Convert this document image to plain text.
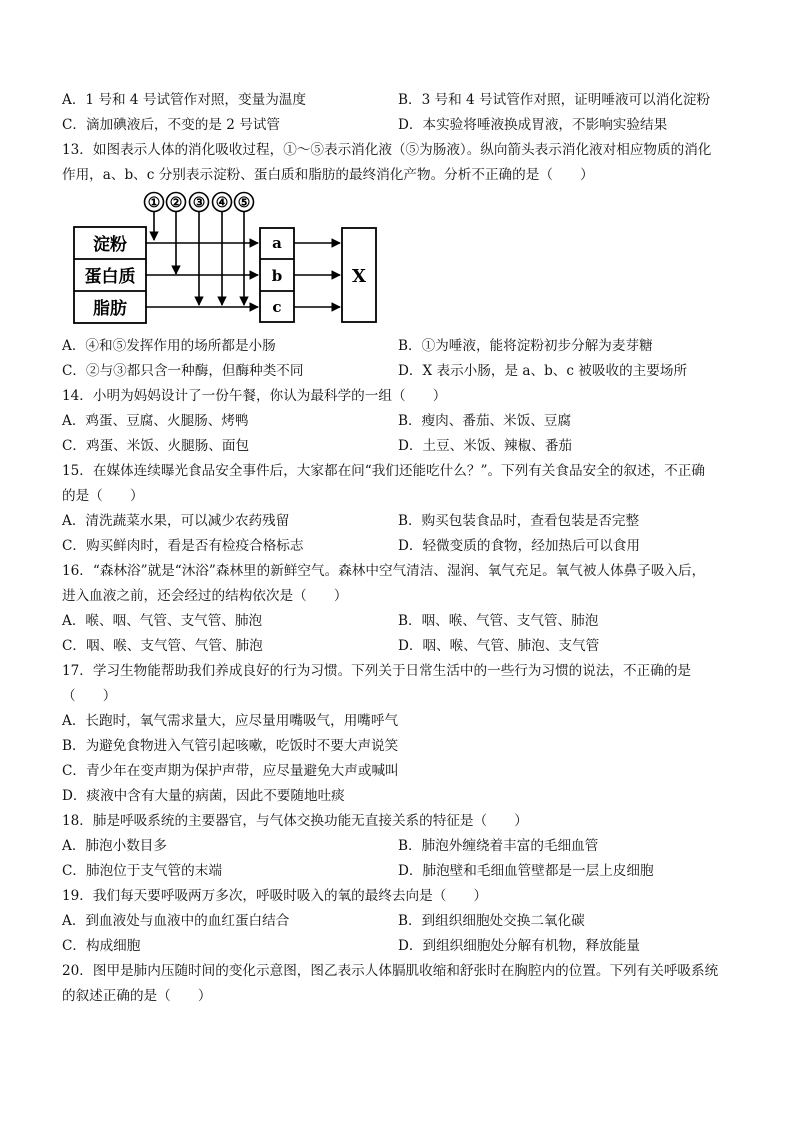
A．1 号和 4 号试管作对照，变量为温度	B．3 号和 4 号试管作对照，证明唾液可以消化淀粉
C．滴加碘液后，不变的是 2 号试管	D．本实验将唾液换成胃液，不影响实验结果
13．如图表示人体的消化吸收过程，①～⑤表示消化液（⑤为肠液）。纵向箭头表示消化液对相应物质的消化
作用，a、b、c 分别表示淀粉、蛋白质和脂肪的最终消化产物。分析不正确的是（　　）
① ② ③ ④ ⑤
淀粉
蛋白质
脂肪
a
b
c
X
A．④和⑤发挥作用的场所都是小肠	B．①为唾液，能将淀粉初步分解为麦芽糖
C．②与③都只含一种酶，但酶种类不同	D．X 表示小肠，是 a、b、c 被吸收的主要场所
14．小明为妈妈设计了一份午餐，你认为最科学的一组（　　）
A．鸡蛋、豆腐、火腿肠、烤鸭	B．瘦肉、番茄、米饭、豆腐
C．鸡蛋、米饭、火腿肠、面包	D．土豆、米饭、辣椒、番茄
15．在媒体连续曝光食品安全事件后，大家都在问“我们还能吃什么？”。下列有关食品安全的叙述，不正确
的是（　　）
A．清洗蔬菜水果，可以减少农药残留	B．购买包装食品时，查看包装是否完整
C．购买鲜肉时，看是否有检疫合格标志	D．轻微变质的食物，经加热后可以食用
16．“森林浴”就是“沐浴”森林里的新鲜空气。森林中空气清洁、湿润、氧气充足。氧气被人体鼻子吸入后，
进入血液之前，还会经过的结构依次是（　　）
A．喉、咽、气管、支气管、肺泡	B．咽、喉、气管、支气管、肺泡
C．咽、喉、支气管、气管、肺泡	D．咽、喉、气管、肺泡、支气管
17．学习生物能帮助我们养成良好的行为习惯。下列关于日常生活中的一些行为习惯的说法，不正确的是
（　　）
A．长跑时，氧气需求量大，应尽量用嘴吸气，用嘴呼气
B．为避免食物进入气管引起咳嗽，吃饭时不要大声说笑
C．青少年在变声期为保护声带，应尽量避免大声或喊叫
D．痰液中含有大量的病菌，因此不要随地吐痰
18．肺是呼吸系统的主要器官，与气体交换功能无直接关系的特征是（　　）
A．肺泡小数目多	B．肺泡外缠绕着丰富的毛细血管
C．肺泡位于支气管的末端	D．肺泡壁和毛细血管壁都是一层上皮细胞
19．我们每天要呼吸两万多次，呼吸时吸入的氧的最终去向是（　　）
A．到血液处与血液中的血红蛋白结合	B．到组织细胞处交换二氧化碳
C．构成细胞	D．到组织细胞处分解有机物，释放能量
20．图甲是肺内压随时间的变化示意图，图乙表示人体膈肌收缩和舒张时在胸腔内的位置。下列有关呼吸系统
的叙述正确的是（　　）
